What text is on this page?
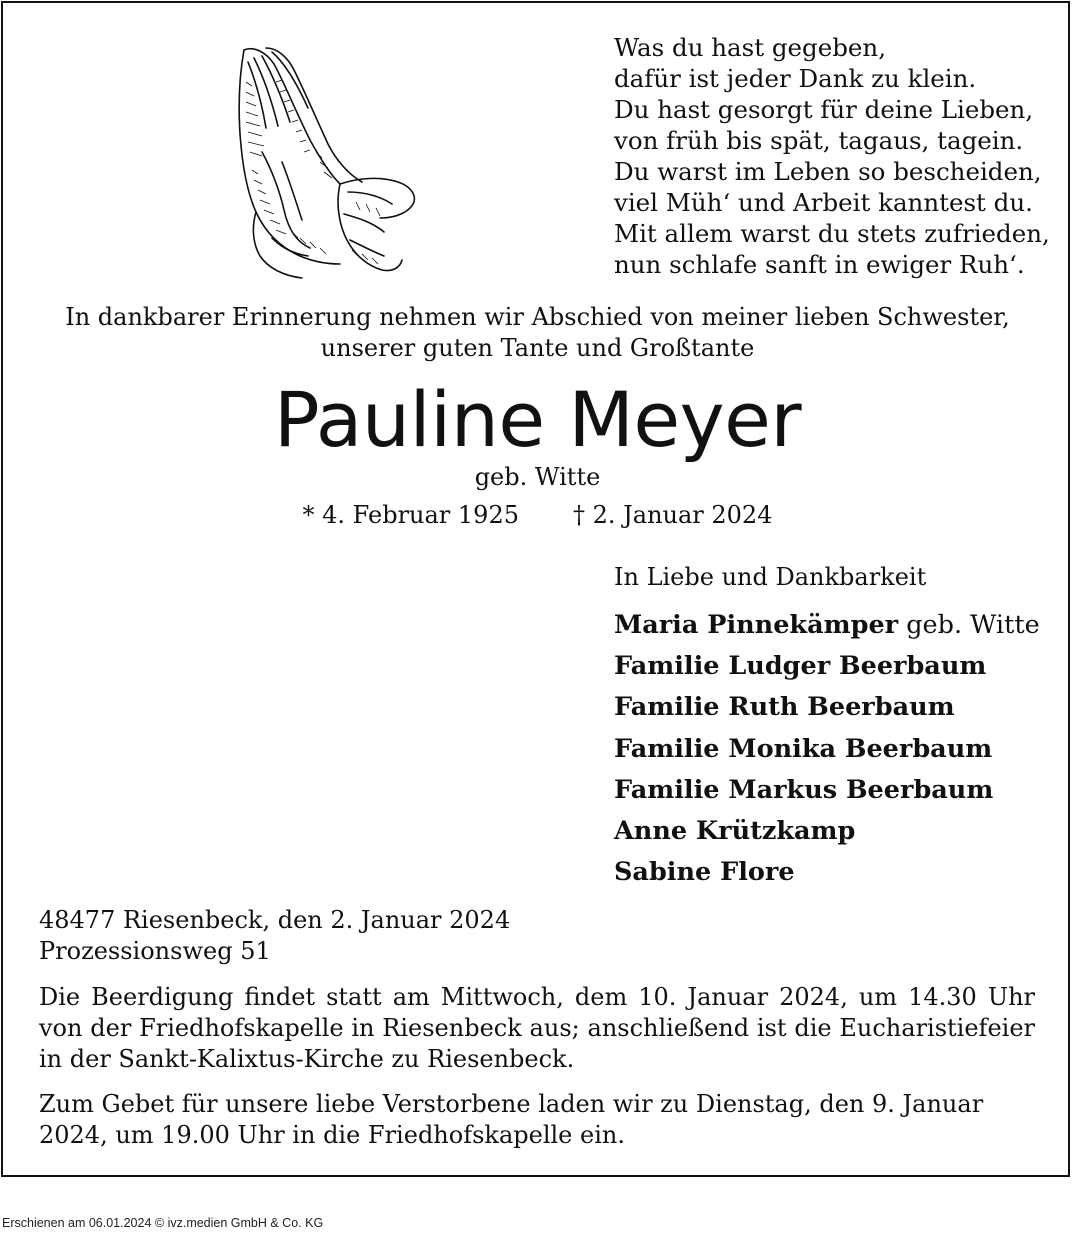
Was du hast gegeben,
dafür ist jeder Dank zu klein.
Du hast gesorgt für deine Lieben,
von früh bis spät, tagaus, tagein.
Du warst im Leben so bescheiden,
viel Müh‘ und Arbeit kanntest du.
Mit allem warst du stets zufrieden,
nun schlafe sanft in ewiger Ruh‘.
In dankbarer Erinnerung nehmen wir Abschied von meiner lieben Schwester,
unserer guten Tante und Großtante
Pauline Meyer
geb. Witte
* 4. Februar 1925 † 2. Januar 2024
In Liebe und Dankbarkeit
Maria Pinnekämper geb. Witte
Familie Ludger Beerbaum
Familie Ruth Beerbaum
Familie Monika Beerbaum
Familie Markus Beerbaum
Anne Krützkamp
Sabine Flore
48477 Riesenbeck, den 2. Januar 2024
Prozessionsweg 51
Die Beerdigung findet statt am Mittwoch, dem 10. Januar 2024, um 14.30 Uhr von der Friedhofskapelle in Riesenbeck aus; anschließend ist die Eucharistiefeier in der Sankt-Kalixtus-Kirche zu Riesenbeck.
Zum Gebet für unsere liebe Verstorbene laden wir zu Dienstag, den 9. Januar 2024, um 19.00 Uhr in die Friedhofskapelle ein.
Erschienen am 06.01.2024 © ivz.medien GmbH & Co. KG
